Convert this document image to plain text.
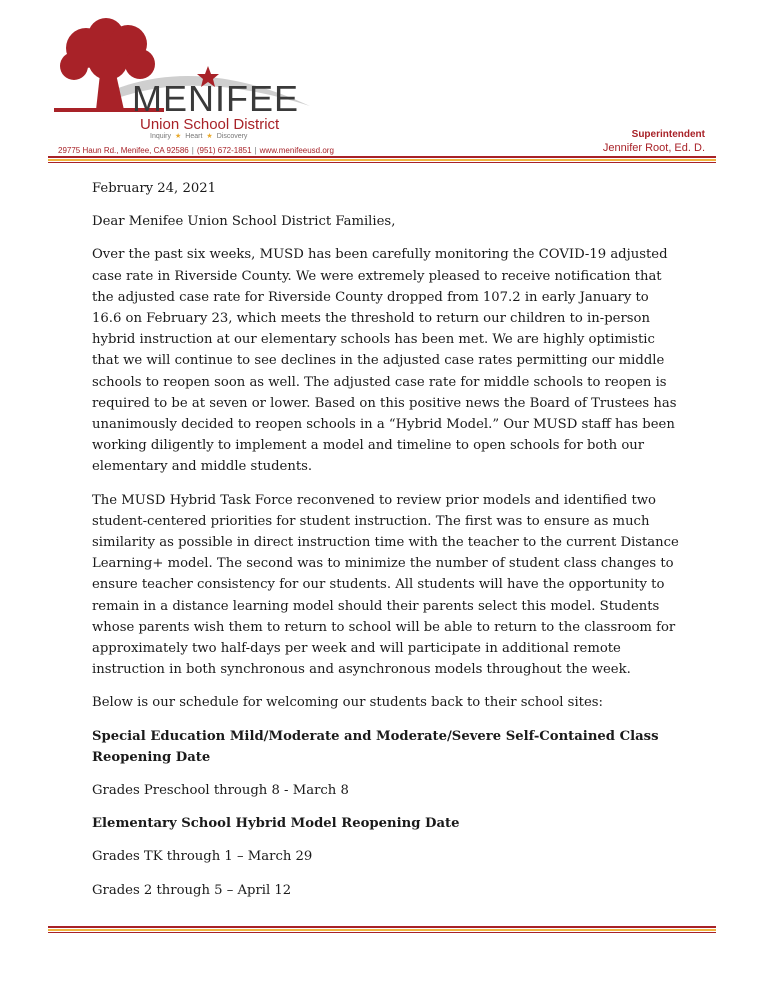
MENIFEE
Union School District
Inquiry ★ Heart ★ Discovery
29775 Haun Rd., Menifee, CA 92586 | (951) 672-1851 | www.menifeeusd.org
Superintendent
Jennifer Root, Ed. D.

February 24, 2021

Dear Menifee Union School District Families,

Over the past six weeks, MUSD has been carefully monitoring the COVID-19 adjusted case rate in Riverside County. We were extremely pleased to receive notification that the adjusted case rate for Riverside County dropped from 107.2 in early January to 16.6 on February 23, which meets the threshold to return our children to in-person hybrid instruction at our elementary schools has been met. We are highly optimistic that we will continue to see declines in the adjusted case rates permitting our middle schools to reopen soon as well. The adjusted case rate for middle schools to reopen is required to be at seven or lower. Based on this positive news the Board of Trustees has unanimously decided to reopen schools in a “Hybrid Model.” Our MUSD staff has been working diligently to implement a model and timeline to open schools for both our elementary and middle students.

The MUSD Hybrid Task Force reconvened to review prior models and identified two student-centered priorities for student instruction. The first was to ensure as much similarity as possible in direct instruction time with the teacher to the current Distance Learning+ model. The second was to minimize the number of student class changes to ensure teacher consistency for our students. All students will have the opportunity to remain in a distance learning model should their parents select this model. Students whose parents wish them to return to school will be able to return to the classroom for approximately two half-days per week and will participate in additional remote instruction in both synchronous and asynchronous models throughout the week.

Below is our schedule for welcoming our students back to their school sites:

Special Education Mild/Moderate and Moderate/Severe Self-Contained Class Reopening Date

Grades Preschool through 8 - March 8

Elementary School Hybrid Model Reopening Date

Grades TK through 1 – March 29

Grades 2 through 5 – April 12
